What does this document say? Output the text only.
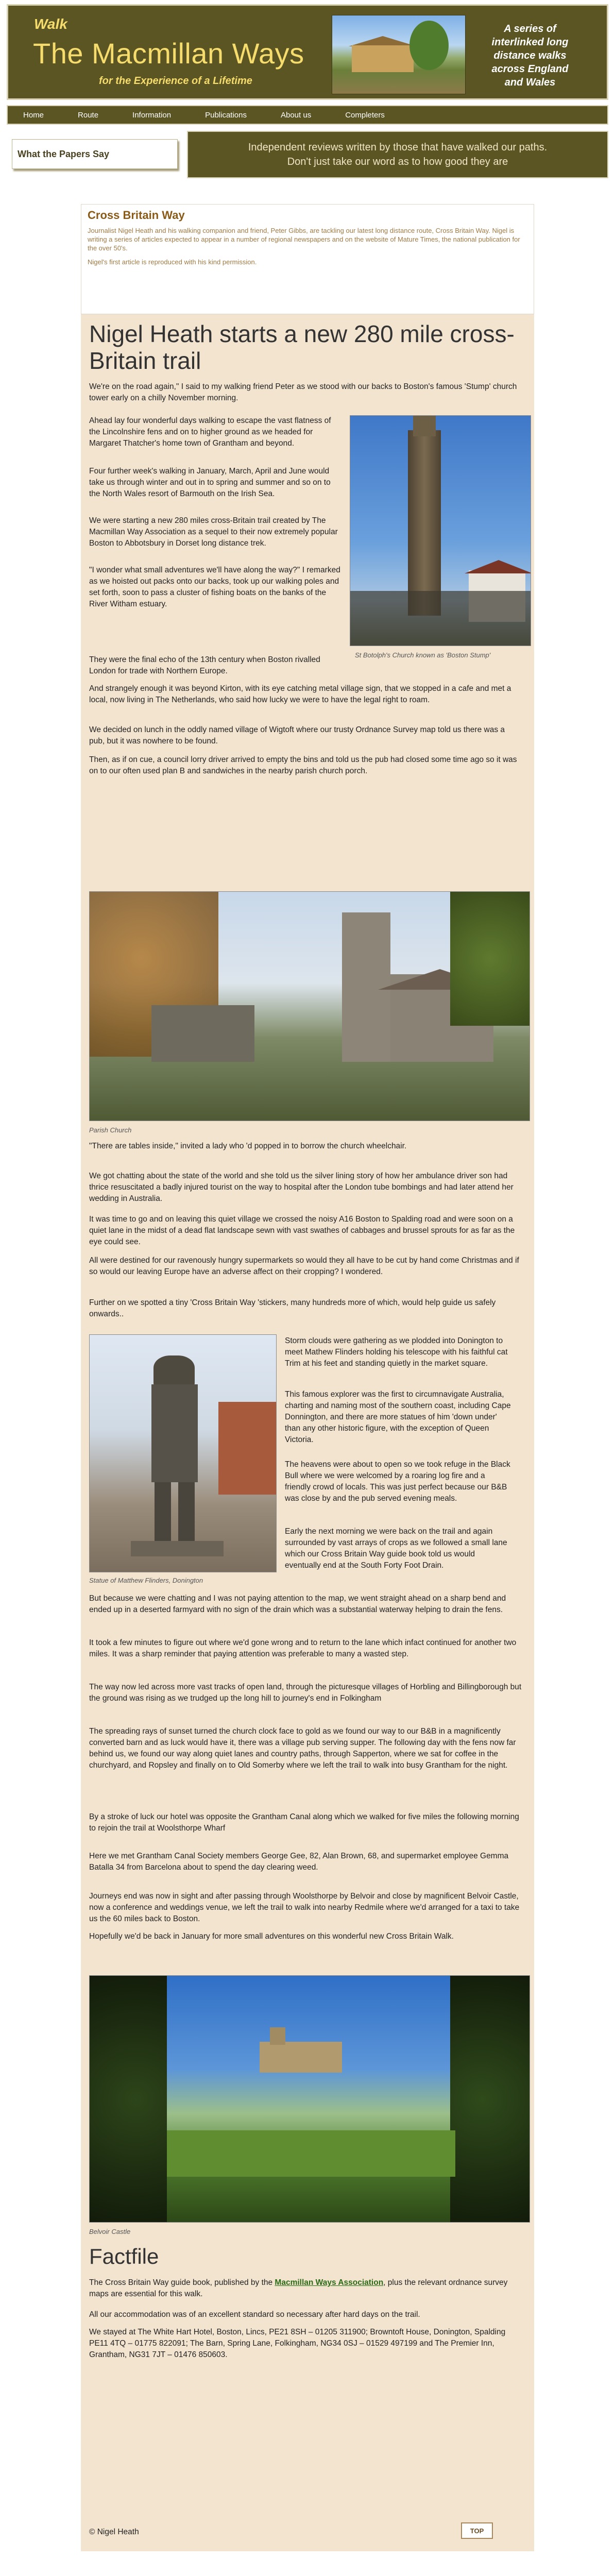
Walk
The Macmillan Ways
for the Experience of a Lifetime
A series of interlinked long distance walks across England and Wales
Home	Route	Information	Publications	About us	Completers
What the Papers Say
Independent reviews written by those that have walked our paths.
Don't just take our word as to how good they are
Cross Britain Way

Journalist Nigel Heath and his walking companion and friend, Peter Gibbs, are tackling our latest long distance route, Cross Britain Way. Nigel is writing a series of articles expected to appear in a number of regional newspapers and on the website of Mature Times, the national publication for the over 50's.

Nigel's first article is reproduced with his kind permission.

Nigel Heath starts a new 280 mile cross-Britain trail

We're on the road again," I said to my walking friend Peter as we stood with our backs to Boston's famous 'Stump' church tower early on a chilly November morning.

Ahead lay four wonderful days walking to escape the vast flatness of the Lincolnshire fens and on to higher ground as we headed for Margaret Thatcher's home town of Grantham and beyond.

Four further week's walking in January, March, April and June would take us through winter and out in to spring and summer and so on to the North Wales resort of Barmouth on the Irish Sea.

We were starting a new 280 miles cross-Britain trail created by The Macmillan Way Association as a sequel to their now extremely popular Boston to Abbotsbury in Dorset long distance trek.

"I wonder what small adventures we'll have along the way?" I remarked as we hoisted out packs onto our backs, took up our walking poles and set forth, soon to pass a cluster of fishing boats on the banks of the River Witham estuary.

St Botolph's Church known as 'Boston Stump'

They were the final echo of the 13th century when Boston rivalled London for trade with Northern Europe.

And strangely enough it was beyond Kirton, with its eye catching metal village sign, that we stopped in a cafe and met a local, now living in The Netherlands, who said how lucky we were to have the legal right to roam.

We decided on lunch in the oddly named village of Wigtoft where our trusty Ordnance Survey map told us there was a pub, but it was nowhere to be found.

Then, as if on cue, a council lorry driver arrived to empty the bins and told us the pub had closed some time ago so it was on to our often used plan B and sandwiches in the nearby parish church porch.

Parish Church

"There are tables inside," invited a lady who 'd popped in to borrow the church wheelchair.

We got chatting about the state of the world and she told us the silver lining story of how her ambulance driver son had thrice resuscitated a badly injured tourist on the way to hospital after the London tube bombings and had later attend her wedding in Australia.

It was time to go and on leaving this quiet village we crossed the noisy A16 Boston to Spalding road and were soon on a quiet lane in the midst of a dead flat landscape sewn with vast swathes of cabbages and brussel sprouts for as far as the eye could see.

All were destined for our ravenously hungry supermarkets so would they all have to be cut by hand come Christmas and if so would our leaving Europe have an adverse affect on their cropping? I wondered.

Further on we spotted a tiny 'Cross Britain Way 'stickers, many hundreds more of which, would help guide us safely onwards..

Statue of Matthew Flinders, Donington

Storm clouds were gathering as we plodded into Donington to meet Mathew Flinders holding his telescope with his faithful cat Trim at his feet and standing quietly in the market square.

This famous explorer was the first to circumnavigate Australia, charting and naming most of the southern coast, including Cape Donnington, and there are more statues of him 'down under' than any other historic figure, with the exception of Queen Victoria.

The heavens were about to open so we took refuge in the Black Bull where we were welcomed by a roaring log fire and a friendly crowd of locals. This was just perfect because our B&B was close by and the pub served evening meals.

Early the next morning we were back on the trail and again surrounded by vast arrays of crops as we followed a small lane which our Cross Britain Way guide book told us would eventually end at the South Forty Foot Drain.

But because we were chatting and I was not paying attention to the map, we went straight ahead on a sharp bend and ended up in a deserted farmyard with no sign of the drain which was a substantial waterway helping to drain the fens.

It took a few minutes to figure out where we'd gone wrong and to return to the lane which infact continued for another two miles. It was a sharp reminder that paying attention was preferable to many a wasted step.

The way now led across more vast tracks of open land, through the picturesque villages of Horbling and Billingborough but the ground was rising as we trudged up the long hill to journey's end in Folkingham

The spreading rays of sunset turned the church clock face to gold as we found our way to our B&B in a magnificently converted barn and as luck would have it, there was a village pub serving supper. The following day with the fens now far behind us, we found our way along quiet lanes and country paths, through Sapperton, where we sat for coffee in the churchyard, and Ropsley and finally on to Old Somerby where we left the trail to walk into busy Grantham for the night.

By a stroke of luck our hotel was opposite the Grantham Canal along which we walked for five miles the following morning to rejoin the trail at Woolsthorpe Wharf

Here we met Grantham Canal Society members George Gee, 82, Alan Brown, 68, and supermarket employee Gemma Batalla 34 from Barcelona about to spend the day clearing weed.

Journeys end was now in sight and after passing through Woolsthorpe by Belvoir and close by magnificent Belvoir Castle, now a conference and weddings venue, we left the trail to walk into nearby Redmile where we'd arranged for a taxi to take us the 60 miles back to Boston.

Hopefully we'd be back in January for more small adventures on this wonderful new Cross Britain Walk.

Belvoir Castle
Factfile

The Cross Britain Way guide book, published by the Macmillan Ways Association, plus the relevant ordnance survey maps are essential for this walk.

All our accommodation was of an excellent standard so necessary after hard days on the trail.

We stayed at The White Hart Hotel, Boston, Lincs, PE21 8SH – 01205 311900; Browntoft House, Donington, Spalding PE11 4TQ – 01775 822091; The Barn, Spring Lane, Folkingham, NG34 0SJ – 01529 497199 and The Premier Inn, Grantham, NG31 7JT – 01476 850603.

© Nigel Heath	TOP
